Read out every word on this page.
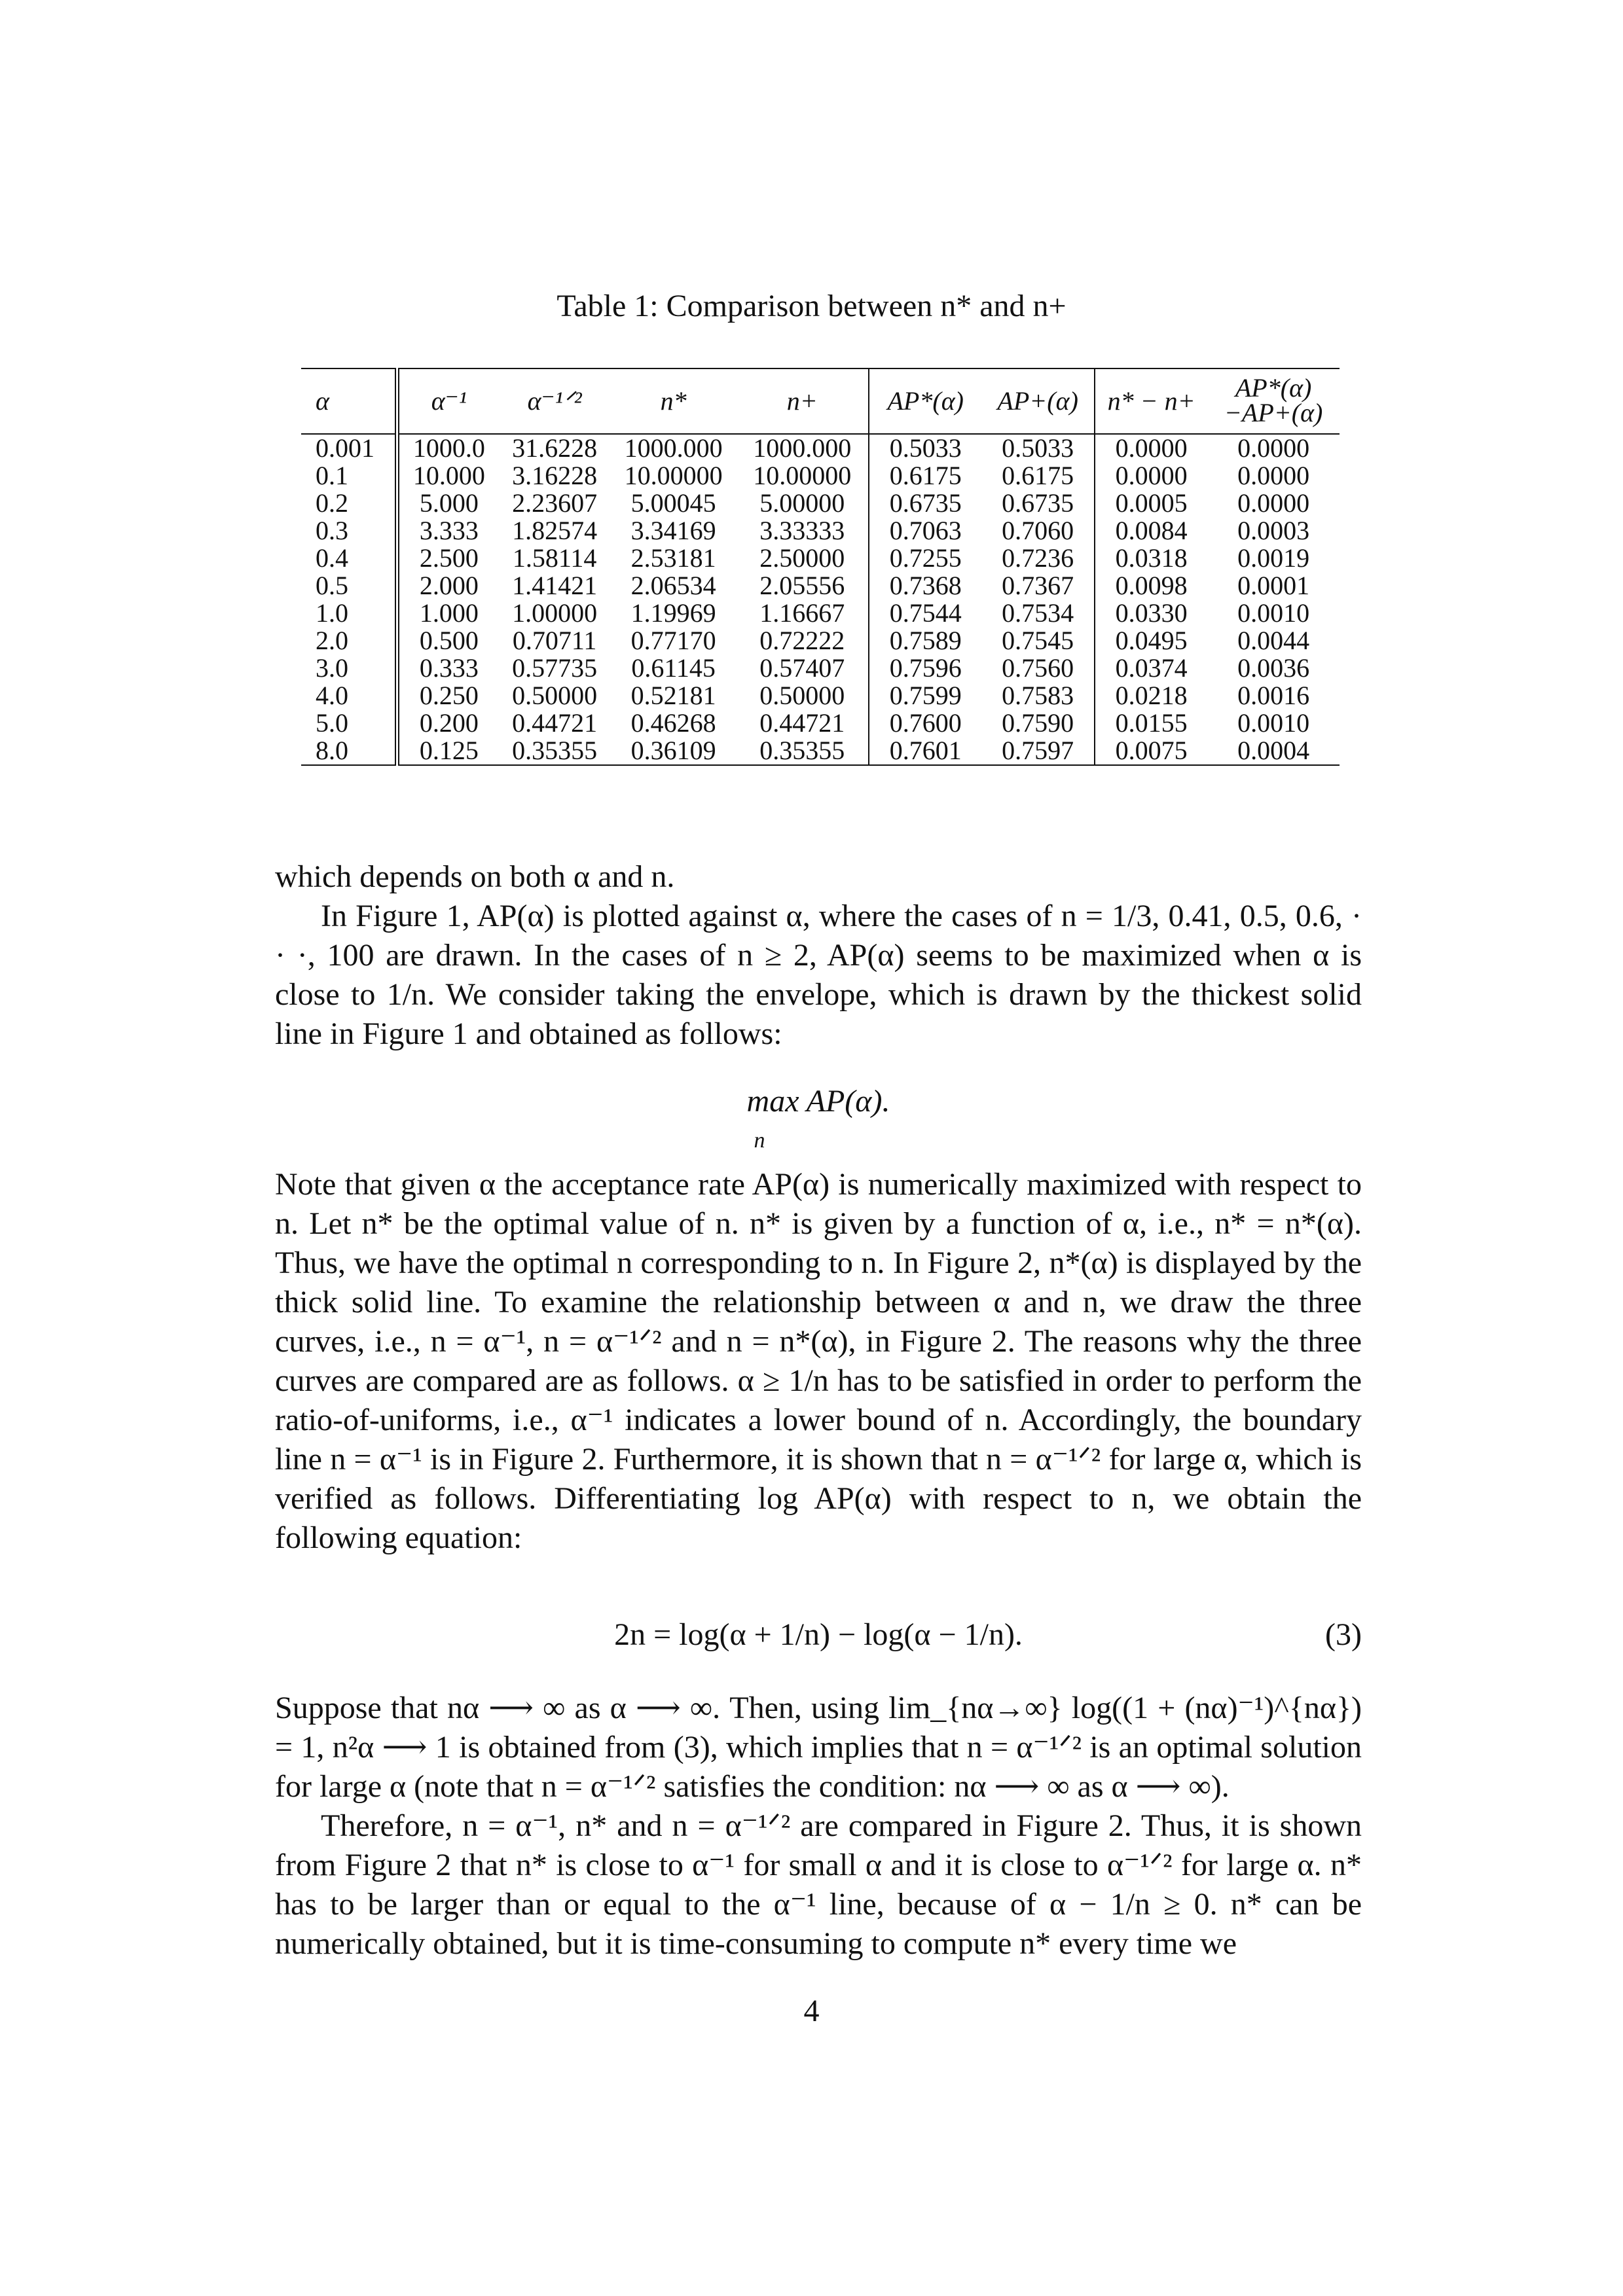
Table 1: Comparison between n* and n+
α	α⁻¹	α⁻¹ᐟ²	n*	n+	AP*(α)	AP+(α)	n* − n+	AP*(α)
−AP+(α)
0.001	1000.0	31.6228	1000.000	1000.000	0.5033	0.5033	0.0000	0.0000
0.1	10.000	3.16228	10.00000	10.00000	0.6175	0.6175	0.0000	0.0000
0.2	5.000	2.23607	5.00045	5.00000	0.6735	0.6735	0.0005	0.0000
0.3	3.333	1.82574	3.34169	3.33333	0.7063	0.7060	0.0084	0.0003
0.4	2.500	1.58114	2.53181	2.50000	0.7255	0.7236	0.0318	0.0019
0.5	2.000	1.41421	2.06534	2.05556	0.7368	0.7367	0.0098	0.0001
1.0	1.000	1.00000	1.19969	1.16667	0.7544	0.7534	0.0330	0.0010
2.0	0.500	0.70711	0.77170	0.72222	0.7589	0.7545	0.0495	0.0044
3.0	0.333	0.57735	0.61145	0.57407	0.7596	0.7560	0.0374	0.0036
4.0	0.250	0.50000	0.52181	0.50000	0.7599	0.7583	0.0218	0.0016
5.0	0.200	0.44721	0.46268	0.44721	0.7600	0.7590	0.0155	0.0010
8.0	0.125	0.35355	0.36109	0.35355	0.7601	0.7597	0.0075	0.0004
which depends on both α and n.
In Figure 1, AP(α) is plotted against α, where the cases of n = 1/3, 0.41, 0.5, 0.6, · · ·, 100 are drawn. In the cases of n ≥ 2, AP(α) seems to be maximized when α is close to 1/n. We consider taking the envelope, which is drawn by the thickest solid line in Figure 1 and obtained as follows:
max AP(α).
n
Note that given α the acceptance rate AP(α) is numerically maximized with respect to n. Let n* be the optimal value of n. n* is given by a function of α, i.e., n* = n*(α). Thus, we have the optimal n corresponding to n. In Figure 2, n*(α) is displayed by the thick solid line. To examine the relationship between α and n, we draw the three curves, i.e., n = α⁻¹, n = α⁻¹ᐟ² and n = n*(α), in Figure 2. The reasons why the three curves are compared are as follows. α ≥ 1/n has to be satisfied in order to perform the ratio-of-uniforms, i.e., α⁻¹ indicates a lower bound of n. Accordingly, the boundary line n = α⁻¹ is in Figure 2. Furthermore, it is shown that n = α⁻¹ᐟ² for large α, which is verified as follows. Differentiating log AP(α) with respect to n, we obtain the following equation:
4
2n = log(α + 1/n) − log(α − 1/n).	(3)
Suppose that nα ⟶ ∞ as α ⟶ ∞. Then, using lim_{nα→∞} log((1 + (nα)⁻¹)^{nα}) = 1, n²α ⟶ 1 is obtained from (3), which implies that n = α⁻¹ᐟ² is an optimal solution for large α (note that n = α⁻¹ᐟ² satisfies the condition: nα ⟶ ∞ as α ⟶ ∞).
Therefore, n = α⁻¹, n* and n = α⁻¹ᐟ² are compared in Figure 2. Thus, it is shown from Figure 2 that n* is close to α⁻¹ for small α and it is close to α⁻¹ᐟ² for large α. n* has to be larger than or equal to the α⁻¹ line, because of α − 1/n ≥ 0. n* can be numerically obtained, but it is time-consuming to compute n* every time we
